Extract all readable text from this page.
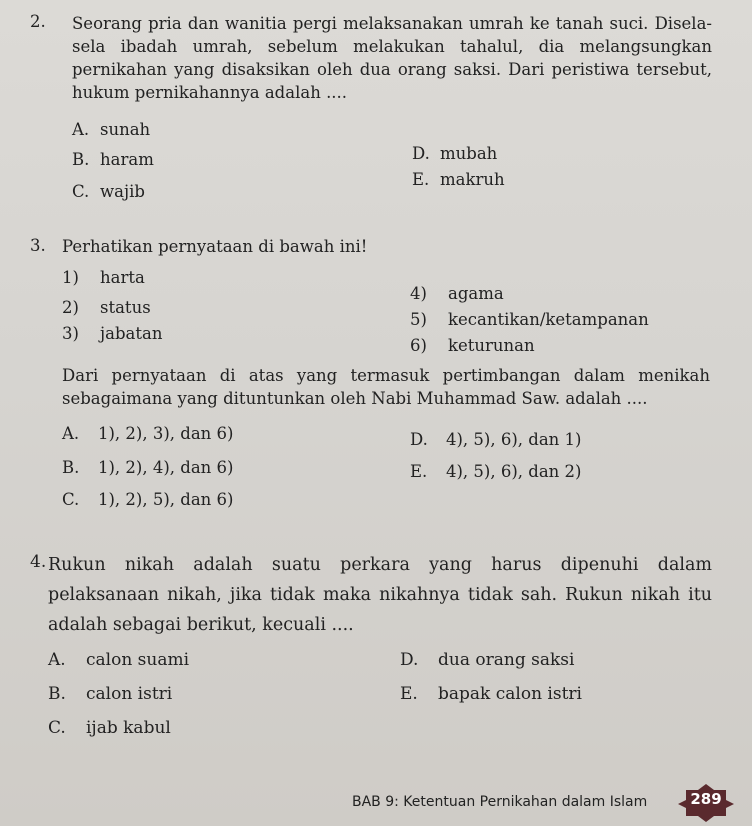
2. Seorang pria dan wanitia pergi melaksanakan umrah ke tanah suci. Disela-sela ibadah umrah, sebelum melakukan tahalul, dia melangsungkan pernikahan yang disaksikan oleh dua orang saksi. Dari peristiwa tersebut, hukum pernikahannya adalah ....
A. sunah
B. haram
C. wajib
D. mubah
E. makruh
3. Perhatikan pernyataan di bawah ini!
1) harta
2) status
3) jabatan
4) agama
5) kecantikan/ketampanan
6) keturunan
Dari pernyataan di atas yang termasuk pertimbangan dalam menikah sebagaimana yang dituntunkan oleh Nabi Muhammad Saw. adalah ....
A. 1), 2), 3), dan 6)
B. 1), 2), 4), dan 6)
C. 1), 2), 5), dan 6)
D. 4), 5), 6), dan 1)
E. 4), 5), 6), dan 2)
4. Rukun nikah adalah suatu perkara yang harus dipenuhi dalam pelaksanaan nikah, jika tidak maka nikahnya tidak sah. Rukun nikah itu adalah sebagai berikut, kecuali ....
A. calon suami
B. calon istri
C. ijab kabul
D. dua orang saksi
E. bapak calon istri
BAB 9: Ketentuan Pernikahan dalam Islam	289
